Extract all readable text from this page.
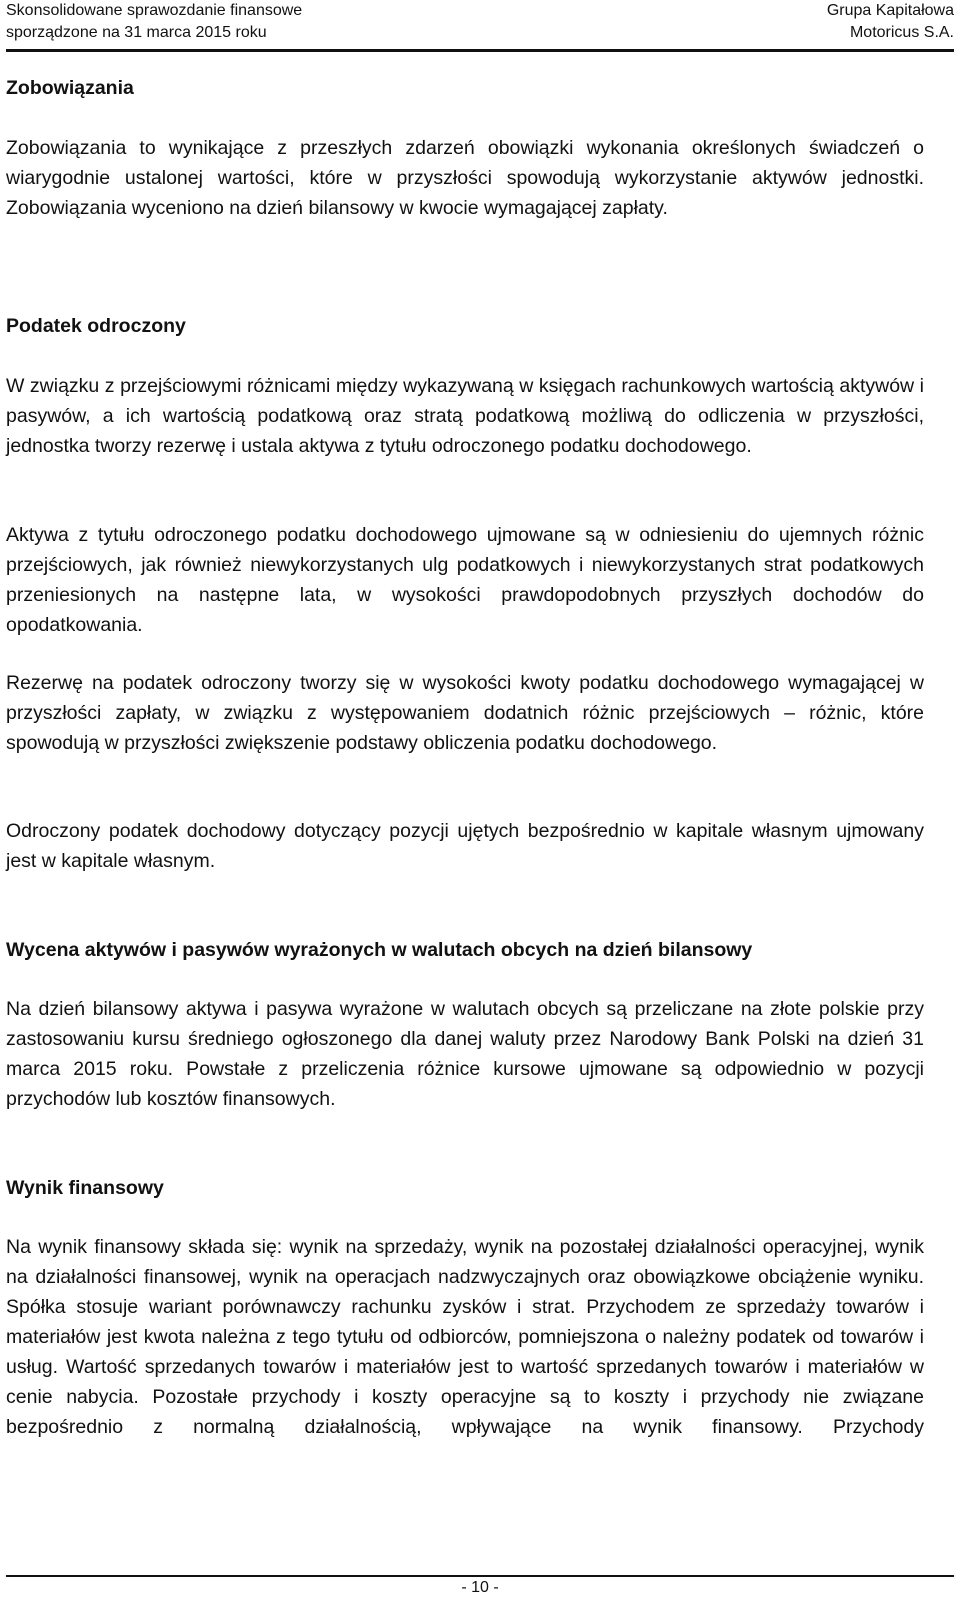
Skonsolidowane sprawozdanie finansowe
sporządzone na 31 marca 2015 roku
Grupa Kapitałowa
Motoricus S.A.
Zobowiązania

Zobowiązania to wynikające z przeszłych zdarzeń obowiązki wykonania określonych świadczeń o wiarygodnie ustalonej wartości, które w przyszłości spowodują wykorzystanie aktywów jednostki. Zobowiązania wyceniono na dzień bilansowy w kwocie wymagającej zapłaty.

Podatek odroczony

W związku z przejściowymi różnicami między wykazywaną w księgach rachunkowych wartością aktywów i pasywów, a ich wartością podatkową oraz stratą podatkową możliwą do odliczenia w przyszłości, jednostka tworzy rezerwę i ustala aktywa z tytułu odroczonego podatku dochodowego.

Aktywa z tytułu odroczonego podatku dochodowego ujmowane są w odniesieniu do ujemnych różnic przejściowych, jak również niewykorzystanych ulg podatkowych i niewykorzystanych strat podatkowych przeniesionych na następne lata, w wysokości prawdopodobnych przyszłych dochodów do opodatkowania.

Rezerwę na podatek odroczony tworzy się w wysokości kwoty podatku dochodowego wymagającej w przyszłości zapłaty, w związku z występowaniem dodatnich różnic przejściowych – różnic, które spowodują w przyszłości zwiększenie podstawy obliczenia podatku dochodowego.

Odroczony podatek dochodowy dotyczący pozycji ujętych bezpośrednio w kapitale własnym ujmowany jest w kapitale własnym.

Wycena aktywów i pasywów wyrażonych w walutach obcych na dzień bilansowy

Na dzień bilansowy aktywa i pasywa wyrażone w walutach obcych są przeliczane na złote polskie przy zastosowaniu kursu średniego ogłoszonego dla danej waluty przez Narodowy Bank Polski na dzień 31 marca 2015 roku. Powstałe z przeliczenia różnice kursowe ujmowane są odpowiednio w pozycji przychodów lub kosztów finansowych.

Wynik finansowy

Na wynik finansowy składa się: wynik na sprzedaży, wynik na pozostałej działalności operacyjnej, wynik na działalności finansowej, wynik na operacjach nadzwyczajnych oraz obowiązkowe obciążenie wyniku. Spółka stosuje wariant porównawczy rachunku zysków i strat. Przychodem ze sprzedaży towarów i materiałów jest kwota należna z tego tytułu od odbiorców, pomniejszona o należny podatek od towarów i usług. Wartość sprzedanych towarów i materiałów jest to wartość sprzedanych towarów i materiałów w cenie nabycia. Pozostałe przychody i koszty operacyjne są to koszty i przychody nie związane bezpośrednio z normalną działalnością, wpływające na wynik finansowy. Przychody

- 10 -
